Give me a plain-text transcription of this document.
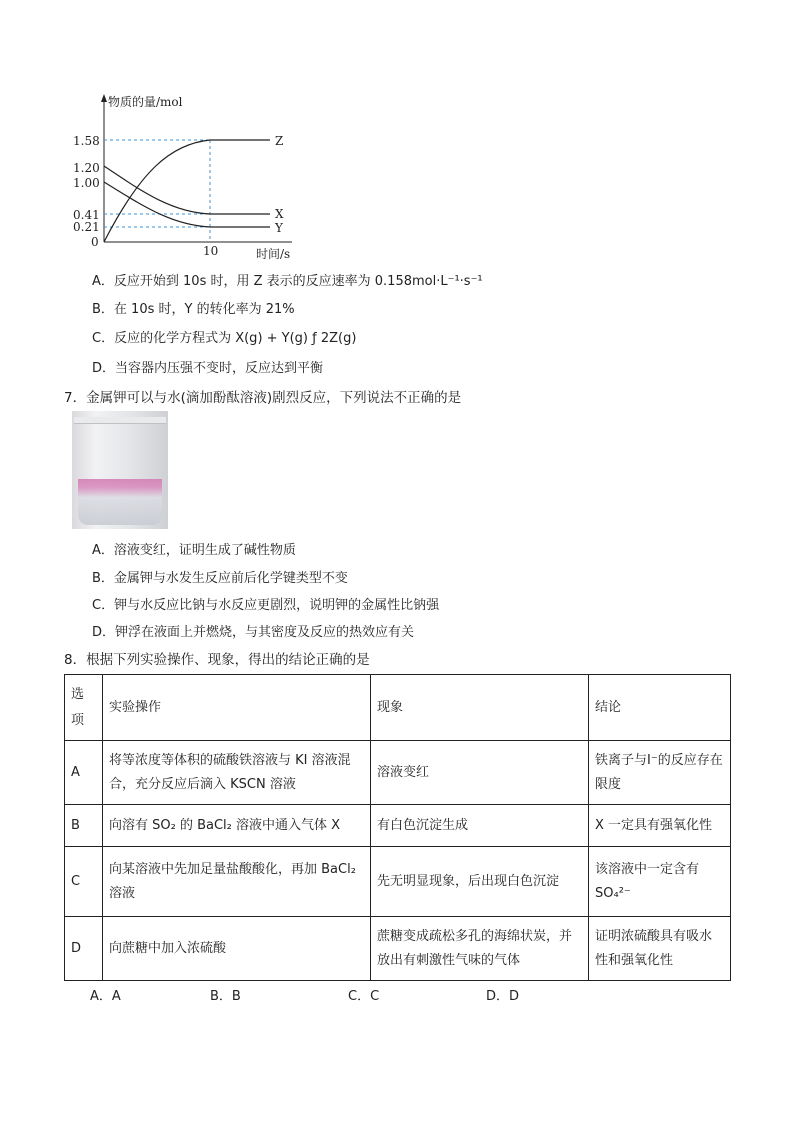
1.58
1.20
1.00
0.41
0.21
0
10
物质的量/mol
时间/s
Z
X
Y
A．反应开始到 10s 时，用 Z 表示的反应速率为 0.158mol·L⁻¹·s⁻¹
B．在 10s 时，Y 的转化率为 21%
C．反应的化学方程式为 X(g) + Y(g) ƒ 2Z(g)
D．当容器内压强不变时，反应达到平衡
7．金属钾可以与水(滴加酚酞溶液)剧烈反应，下列说法不正确的是
A．溶液变红，证明生成了碱性物质
B．金属钾与水发生反应前后化学键类型不变
C．钾与水反应比钠与水反应更剧烈，说明钾的金属性比钠强
D．钾浮在液面上并燃烧，与其密度及反应的热效应有关
8．根据下列实验操作、现象，得出的结论正确的是
选项	实验操作	现象	结论
A	将等浓度等体积的硫酸铁溶液与 KI 溶液混合，充分反应后滴入 KSCN 溶液	溶液变红	铁离子与I⁻的反应存在限度
B	向溶有 SO₂ 的 BaCl₂ 溶液中通入气体 X	有白色沉淀生成	X 一定具有强氧化性
C	向某溶液中先加足量盐酸酸化，再加 BaCl₂ 溶液	先无明显现象，后出现白色沉淀	该溶液中一定含有 SO₄²⁻
D	向蔗糖中加入浓硫酸	蔗糖变成疏松多孔的海绵状炭，并放出有刺激性气味的气体	证明浓硫酸具有吸水性和强氧化性
A．A	B．B	C．C	D．D
